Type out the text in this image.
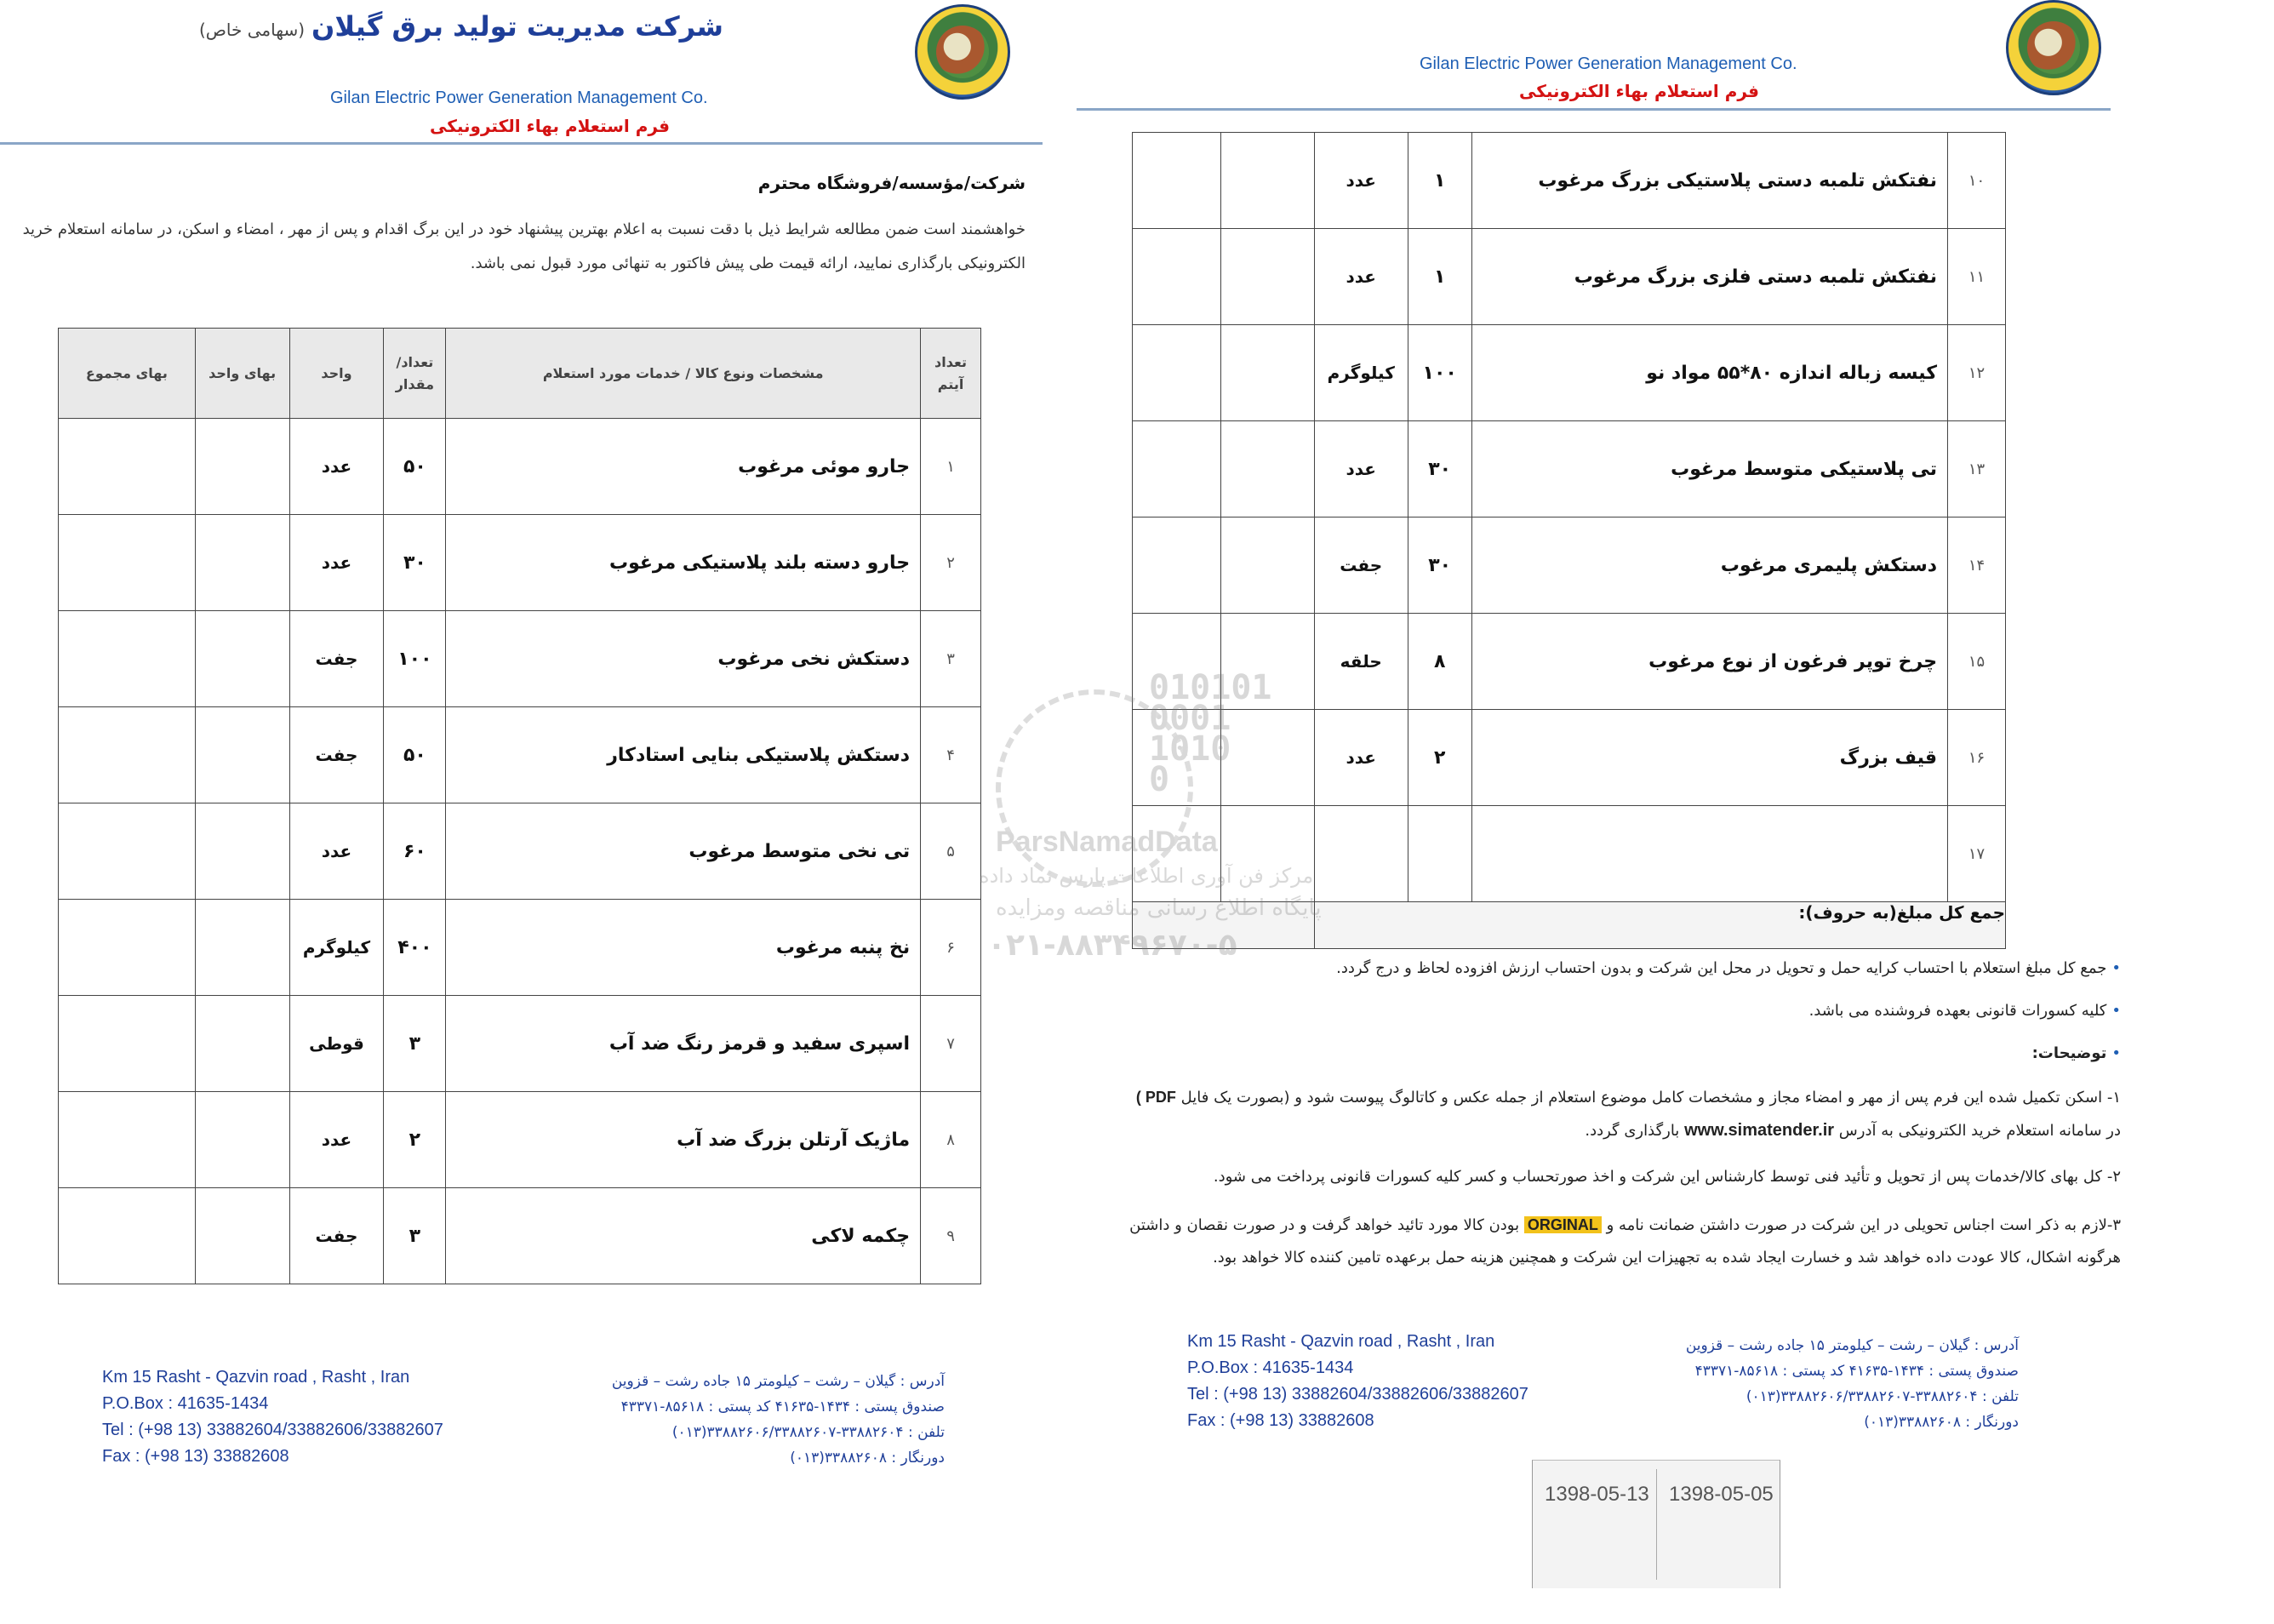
Gilan Electric Power Generation Management Co.
فرم استعلام بهاء الکترونیکی
شرکت/مؤسسه/فروشگاه محترم
خواهشمند است ضمن مطالعه شرایط ذیل با دقت نسبت به اعلام بهترین پیشنهاد خود در این برگ اقدام و پس از مهر ، امضاء و اسکن، در سامانه استعلام خرید الکترونیکی بارگذاری نمایید، ارائه قیمت طی پیش فاکتور به تنهائی مورد قبول نمی باشد.
تعداد آیتم	مشخصات ونوع کالا / خدمات مورد استعلام	تعداد/ مقدار	واحد	بهای واحد	بهای مجموع
۱	جارو موئی مرغوب	۵۰	عدد		
۲	جارو دسته بلند پلاستیکی مرغوب	۳۰	عدد		
۳	دستکش نخی مرغوب	۱۰۰	جفت		
۴	دستکش پلاستیکی بنایی استادکار	۵۰	جفت		
۵	تی نخی متوسط مرغوب	۶۰	عدد		
۶	نخ پنبه مرغوب	۴۰۰	کیلوگرم		
۷	اسپری سفید و قرمز رنگ ضد آب	۳	قوطی		
۸	ماژیک آرتلن بزرگ ضد آب	۲	عدد		
۹	چکمه لاکی	۳	جفت		
آدرس : گیلان – رشت – کیلومتر ۱۵ جاده رشت – قزوین
صندوق پستی : ۱۴۳۴-۴۱۶۳۵ کد پستی : ۸۵۶۱۸-۴۳۳۷۱
تلفن : ۳۳۸۸۲۶۰۴-۳۳۸۸۲۶۰۶/۳۳۸۸۲۶۰۷(۰۱۳)
دورنگار : ۳۳۸۸۲۶۰۸(۰۱۳)
Km 15 Rasht - Qazvin road , Rasht , Iran
P.O.Box : 41635-1434
Tel : (+98 13) 33882604/33882606/33882607
Fax : (+98 13) 33882608
شرکت مدیریت تولید برق گیلان(سهامی خاص)
Gilan Electric Power Generation Management Co.
فرم استعلام بهاء الکترونیکی
۱۰	نفتکش تلمبه دستی پلاستیکی بزرگ مرغوب	۱	عدد		
۱۱	نفتکش تلمبه دستی فلزی بزرگ مرغوب	۱	عدد		
۱۲	کیسه زباله اندازه ۸۰*۵۵ مواد نو	۱۰۰	کیلوگرم		
۱۳	تی پلاستیکی متوسط مرغوب	۳۰	عدد		
۱۴	دستکش پلیمری مرغوب	۳۰	جفت		
۱۵	چرخ توپر فرغون از نوع مرغوب	۸	حلقه		
۱۶	قیف بزرگ	۲	عدد		
۱۷					
جمع کل مبلغ(به حروف):					
•جمع کل مبلغ استعلام با احتساب کرایه حمل و تحویل در محل این شرکت و بدون احتساب ارزش افزوده لحاظ و درج گردد.
•کلیه کسورات قانونی بعهده فروشنده می باشد.
•توضیحات:
۱- اسکن تکمیل شده این فرم پس از مهر و امضاء مجاز و مشخصات کامل موضوع استعلام از جمله عکس و کاتالوگ پیوست شود و (بصورت یک فایل PDF )
در سامانه استعلام خرید الکترونیکی به آدرس www.simatender.ir بارگذاری گردد.
۲- کل بهای کالا/خدمات پس از تحویل و تأئید فنی توسط کارشناس این شرکت و اخذ صورتحساب و کسر کلیه کسورات قانونی پرداخت می شود.
۳-لازم به ذکر است اجناس تحویلی در این شرکت در صورت داشتن ضمانت نامه و ORGINAL بودن کالا مورد تائید خواهد گرفت و در صورت نقصان و داشتن
هرگونه اشکال، کالا عودت داده خواهد شد و خسارت ایجاد شده به تجهیزات این شرکت و همچنین هزینه حمل برعهده تامین کننده کالا خواهد بود.
آدرس : گیلان – رشت – کیلومتر ۱۵ جاده رشت – قزوین
صندوق پستی : ۱۴۳۴-۴۱۶۳۵ کد پستی : ۸۵۶۱۸-۴۳۳۷۱
تلفن : ۳۳۸۸۲۶۰۴-۳۳۸۸۲۶۰۶/۳۳۸۸۲۶۰۷(۰۱۳)
دورنگار : ۳۳۸۸۲۶۰۸(۰۱۳)
Km 15 Rasht - Qazvin road , Rasht , Iran
P.O.Box : 41635-1434
Tel : (+98 13) 33882604/33882606/33882607
Fax : (+98 13) 33882608
1398-05-13 1398-05-05
010101
0001
1010
0
ParsNamadData
مرکز فن آوری اطلاعات پارس نماد داده
پایگاه اطلاع رسانی مناقصه ومزایده
۰۲۱-۸۸۳۴۹۶۷۰-۵
